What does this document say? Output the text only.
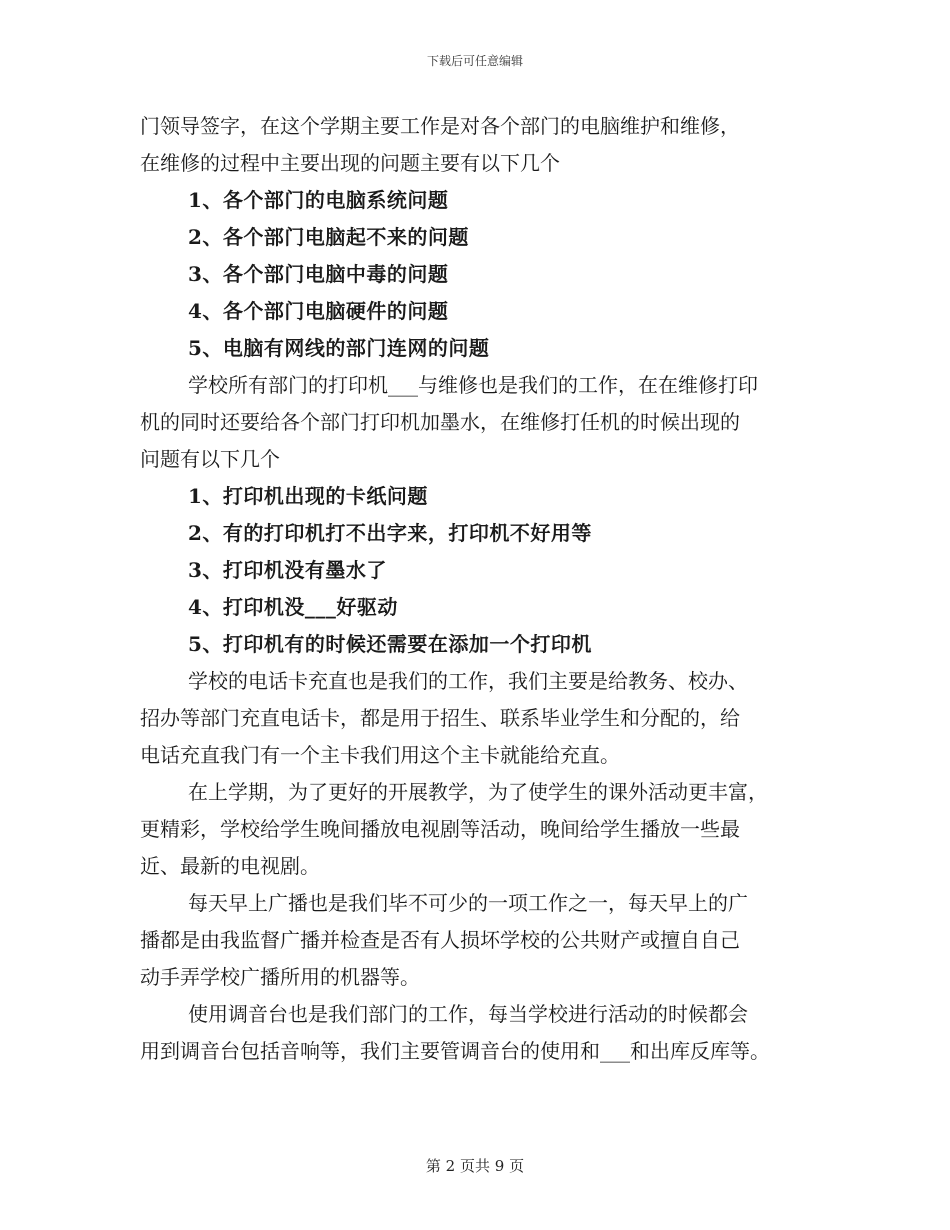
下载后可任意编辑

门领导签字，在这个学期主要工作是对各个部门的电脑维护和维修，

在维修的过程中主要出现的问题主要有以下几个

1、各个部门的电脑系统问题

2、各个部门电脑起不来的问题

3、各个部门电脑中毒的问题

4、各个部门电脑硬件的问题

5、电脑有网线的部门连网的问题

学校所有部门的打印机___与维修也是我们的工作，在在维修打印

机的同时还要给各个部门打印机加墨水，在维修打任机的时候出现的

问题有以下几个

1、打印机出现的卡纸问题

2、有的打印机打不出字来，打印机不好用等

3、打印机没有墨水了

4、打印机没___好驱动

5、打印机有的时候还需要在添加一个打印机

学校的电话卡充直也是我们的工作，我们主要是给教务、校办、

招办等部门充直电话卡，都是用于招生、联系毕业学生和分配的，给

电话充直我门有一个主卡我们用这个主卡就能给充直。

在上学期，为了更好的开展教学，为了使学生的课外活动更丰富，

更精彩，学校给学生晚间播放电视剧等活动，晚间给学生播放一些最

近、最新的电视剧。

每天早上广播也是我们毕不可少的一项工作之一，每天早上的广

播都是由我监督广播并检查是否有人损坏学校的公共财产或擅自自己

动手弄学校广播所用的机器等。

使用调音台也是我们部门的工作，每当学校进行活动的时候都会

用到调音台包括音响等，我们主要管调音台的使用和___和出库反库等。

第 2 页共 9 页
